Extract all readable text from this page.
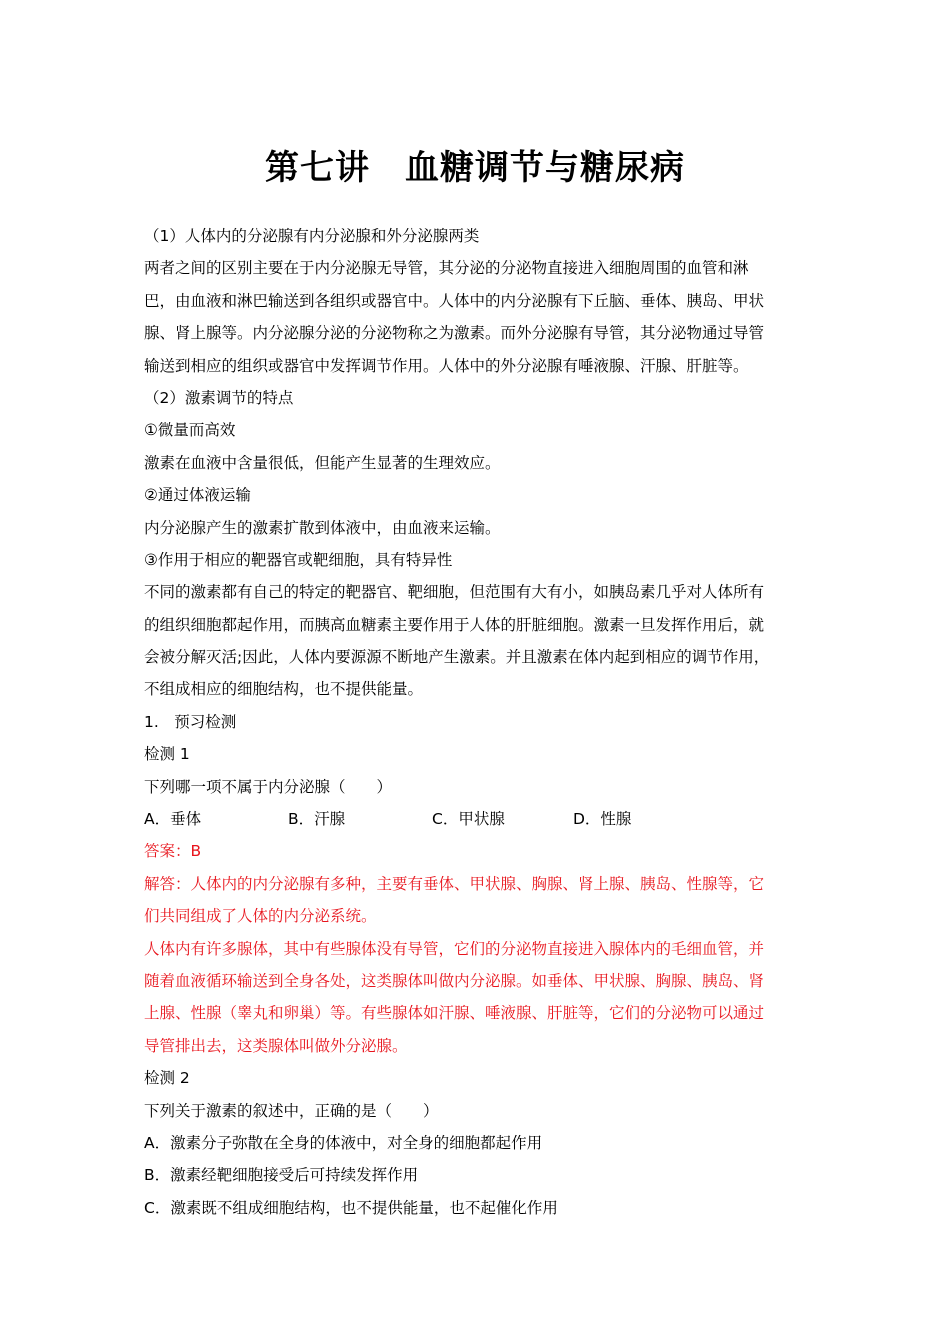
第七讲　血糖调节与糖尿病
（1）人体内的分泌腺有内分泌腺和外分泌腺两类
两者之间的区别主要在于内分泌腺无导管，其分泌的分泌物直接进入细胞周围的血管和淋
巴，由血液和淋巴输送到各组织或器官中。人体中的内分泌腺有下丘脑、垂体、胰岛、甲状
腺、肾上腺等。内分泌腺分泌的分泌物称之为激素。而外分泌腺有导管，其分泌物通过导管
输送到相应的组织或器官中发挥调节作用。人体中的外分泌腺有唾液腺、汗腺、肝脏等。
（2）激素调节的特点
①微量而高效
激素在血液中含量很低，但能产生显著的生理效应。
②通过体液运输
内分泌腺产生的激素扩散到体液中，由血液来运输。
③作用于相应的靶器官或靶细胞，具有特异性
不同的激素都有自己的特定的靶器官、靶细胞，但范围有大有小，如胰岛素几乎对人体所有
的组织细胞都起作用，而胰高血糖素主要作用于人体的肝脏细胞。激素一旦发挥作用后，就
会被分解灭活;因此，人体内要源源不断地产生激素。并且激素在体内起到相应的调节作用，
不组成相应的细胞结构，也不提供能量。
1. 预习检测
检测 1
下列哪一项不属于内分泌腺（  ）
A．垂体	B．汗腺	C．甲状腺	D．性腺
答案：B
解答：人体内的内分泌腺有多种，主要有垂体、甲状腺、胸腺、肾上腺、胰岛、性腺等，它
们共同组成了人体的内分泌系统。
人体内有许多腺体，其中有些腺体没有导管，它们的分泌物直接进入腺体内的毛细血管，并
随着血液循环输送到全身各处，这类腺体叫做内分泌腺。如垂体、甲状腺、胸腺、胰岛、肾
上腺、性腺（睾丸和卵巢）等。有些腺体如汗腺、唾液腺、肝脏等，它们的分泌物可以通过
导管排出去，这类腺体叫做外分泌腺。
检测 2
下列关于激素的叙述中，正确的是（  ）
A．激素分子弥散在全身的体液中，对全身的细胞都起作用
B．激素经靶细胞接受后可持续发挥作用
C．激素既不组成细胞结构，也不提供能量，也不起催化作用
